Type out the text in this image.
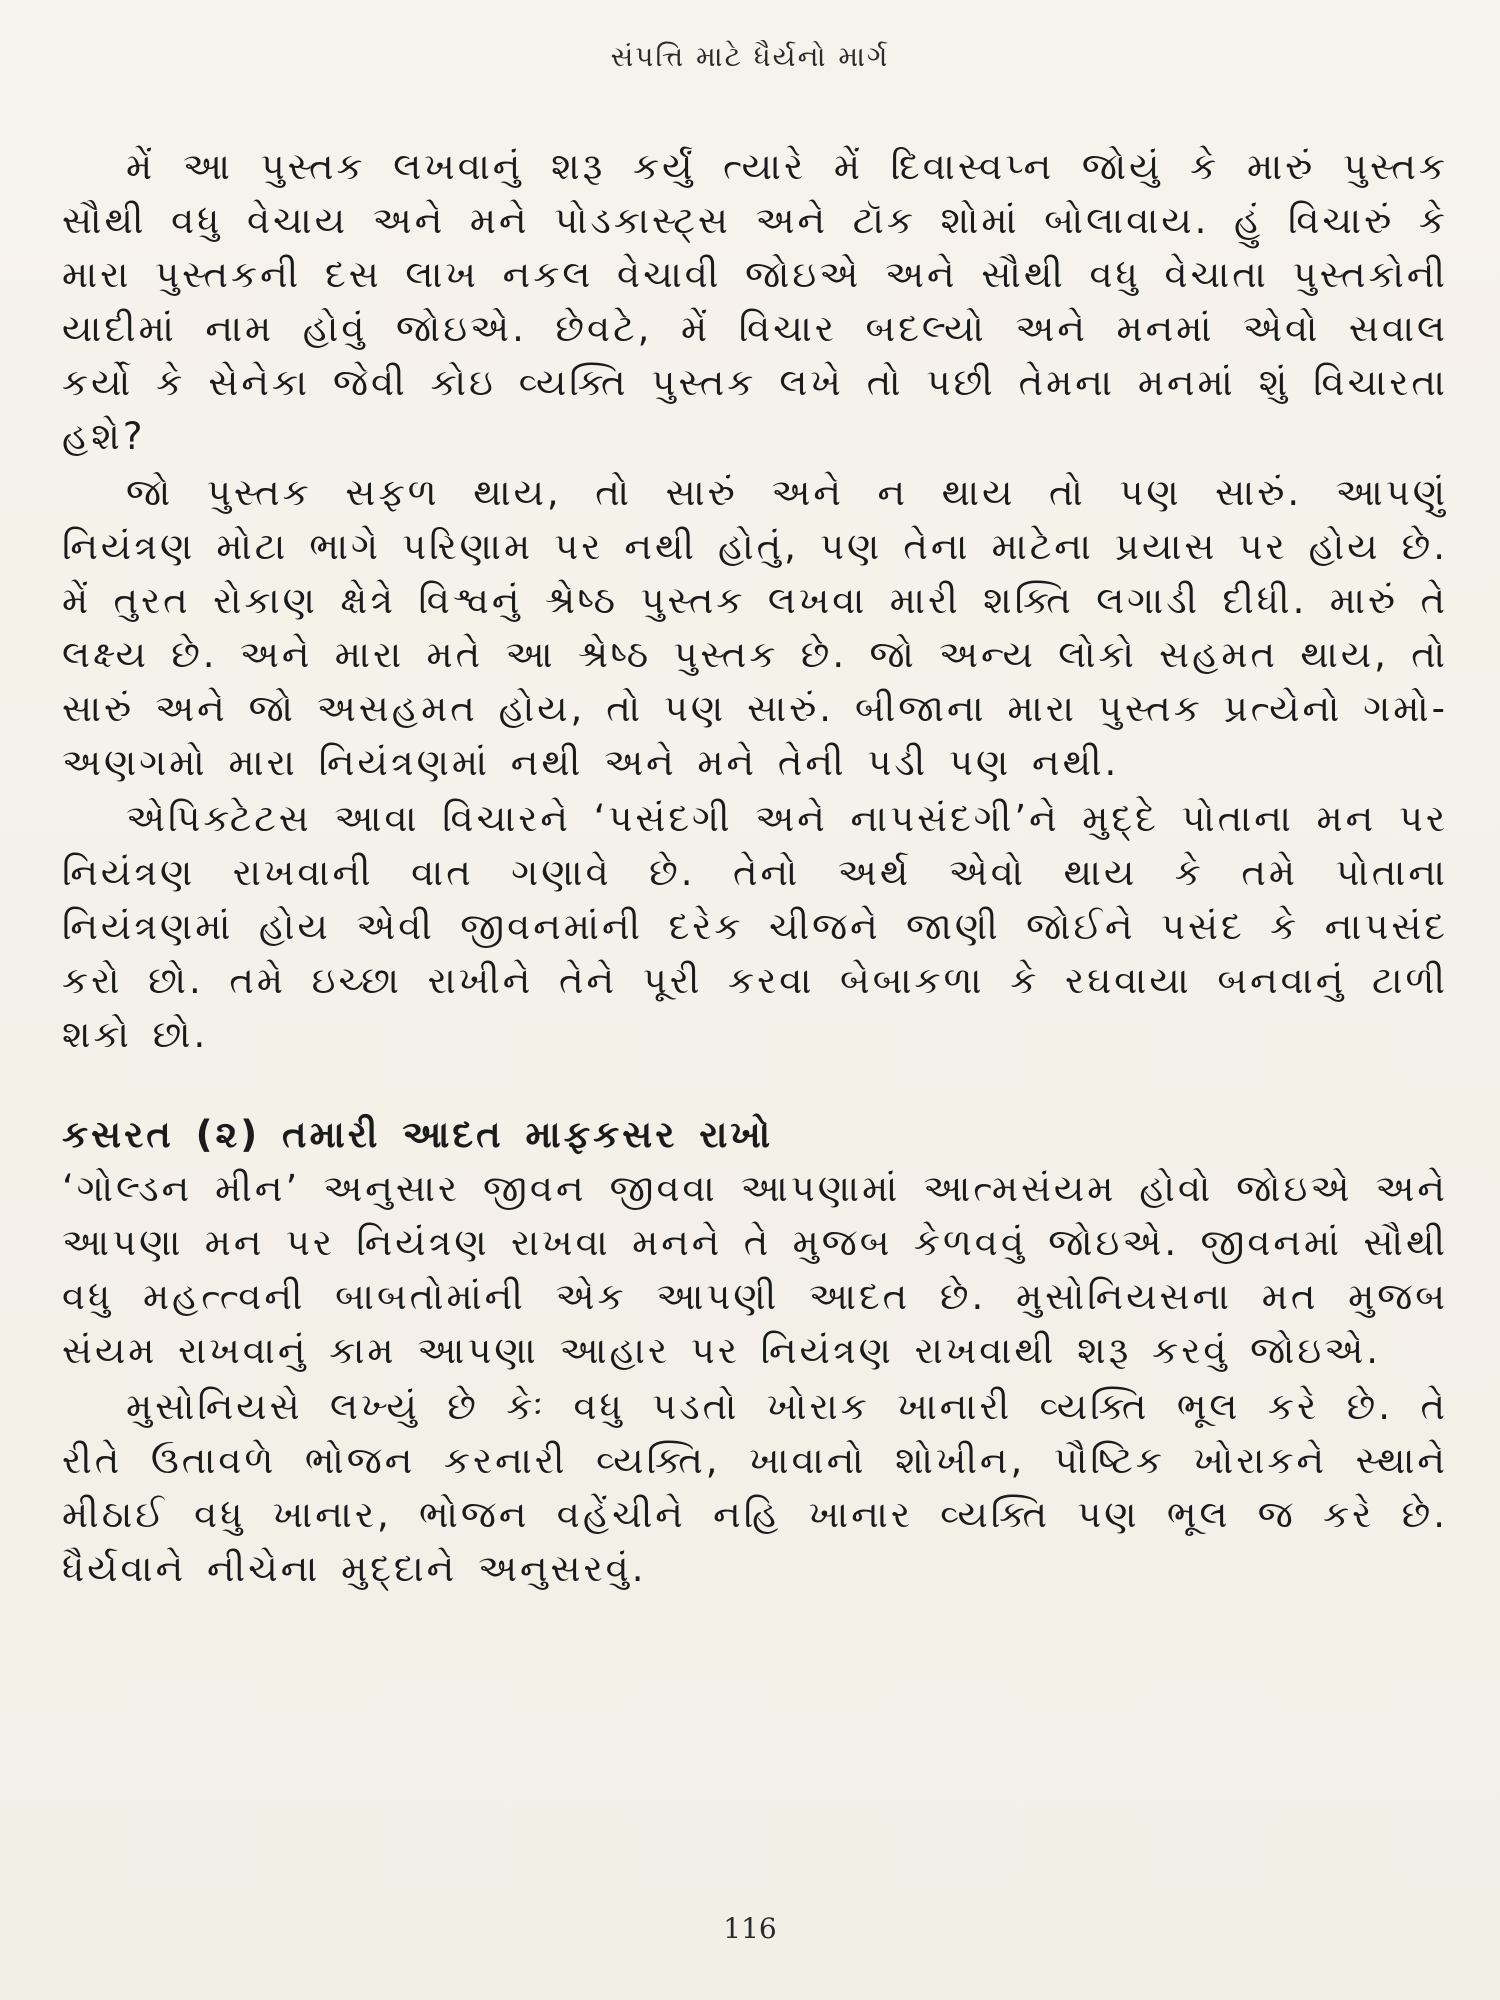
સંપત્તિ માટે ધૈર્યનો માર્ગ

મેં આ પુસ્તક લખવાનું શરૂ કર્યું ત્યારે મેં દિવાસ્વપ્ન જોયું કે મારું પુસ્તક સૌથી વધુ વેચાય અને મને પોડકાસ્ટ્સ અને ટૉક શોમાં બોલાવાય. હું વિચારું કે મારા પુસ્તકની દસ લાખ નકલ વેચાવી જોઇએ અને સૌથી વધુ વેચાતા પુસ્તકોની યાદીમાં નામ હોવું જોઇએ. છેવટે, મેં વિચાર બદલ્યો અને મનમાં એવો સવાલ કર્યો કે સેનેકા જેવી કોઇ વ્યક્તિ પુસ્તક લખે તો પછી તેમના મનમાં શું વિચારતા હશે?

જો પુસ્તક સફળ થાય, તો સારું અને ન થાય તો પણ સારું. આપણું નિયંત્રણ મોટા ભાગે પરિણામ પર નથી હોતું, પણ તેના માટેના પ્રયાસ પર હોય છે. મેં તુરત રોકાણ ક્ષેત્રે વિશ્વનું શ્રેષ્ઠ પુસ્તક લખવા મારી શક્તિ લગાડી દીધી. મારું તે લક્ષ્ય છે. અને મારા મતે આ શ્રેષ્ઠ પુસ્તક છે. જો અન્ય લોકો સહમત થાય, તો સારું અને જો અસહમત હોય, તો પણ સારું. બીજાના મારા પુસ્તક પ્રત્યેનો ગમો-અણગમો મારા નિયંત્રણમાં નથી અને મને તેની પડી પણ નથી.

એપિક્ટેટસ આવા વિચારને ‘પસંદગી અને નાપસંદગી’ને મુદ્દે પોતાના મન પર નિયંત્રણ રાખવાની વાત ગણાવે છે. તેનો અર્થ એવો થાય કે તમે પોતાના નિયંત્રણમાં હોય એવી જીવનમાંની દરેક ચીજને જાણી જોઈને પસંદ કે નાપસંદ કરો છો. તમે ઇચ્છા રાખીને તેને પૂરી કરવા બેબાકળા કે રઘવાયા બનવાનું ટાળી શકો છો.

કસરત (૨) તમારી આદત માફકસર રાખો

‘ગોલ્ડન મીન’ અનુસાર જીવન જીવવા આપણામાં આત્મસંયમ હોવો જોઇએ અને આપણા મન પર નિયંત્રણ રાખવા મનને તે મુજબ કેળવવું જોઇએ. જીવનમાં સૌથી વધુ મહત્ત્વની બાબતોમાંની એક આપણી આદત છે. મુસોનિયસના મત મુજબ સંયમ રાખવાનું કામ આપણા આહાર પર નિયંત્રણ રાખવાથી શરૂ કરવું જોઇએ.

મુસોનિયસે લખ્યું છે કેઃ વધુ પડતો ખોરાક ખાનારી વ્યક્તિ ભૂલ કરે છે. તે રીતે ઉતાવળે ભોજન કરનારી વ્યક્તિ, ખાવાનો શોખીન, પૌષ્ટિક ખોરાકને સ્થાને મીઠાઈ વધુ ખાનાર, ભોજન વહેંચીને નહિ ખાનાર વ્યક્તિ પણ ભૂલ જ કરે છે. ધૈર્યવાને નીચેના મુદ્દાને અનુસરવું.

116
